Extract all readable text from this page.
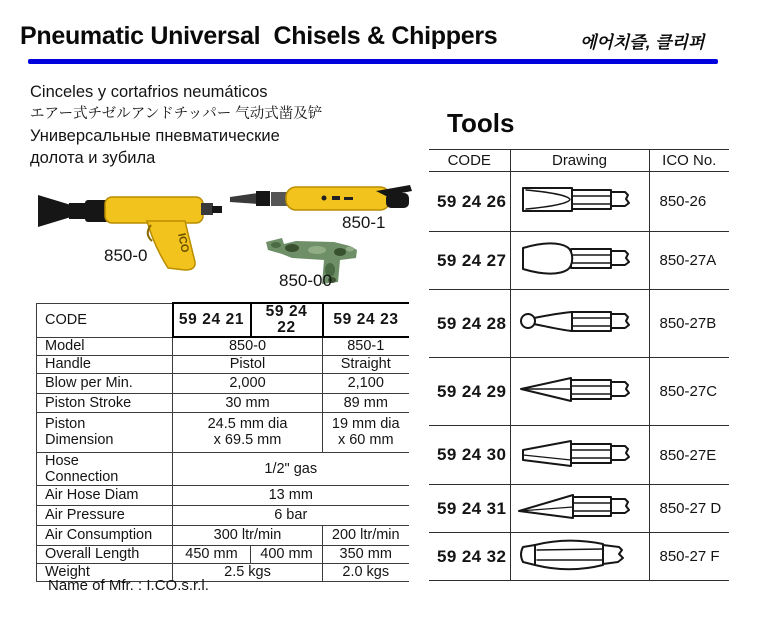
Pneumatic Universal  Chisels & Chippers	에어치즐, 클리퍼
Cinceles y cortafrios neumáticos
エアー式チゼルアンドチッパー 气动式凿及铲
Универсальные пневматические
долота и зубила
ICO
850-0
850-1
850-00
CODE	59 24 21	59 24 22	59 24 23
Model	850-0		850-1
Handle	Pistol		Straight
Blow per Min.	2,000		2,100
Piston Stroke	30 mm		89 mm
Piston
Dimension	24.5 mm dia
x 69.5 mm		19 mm dia
x 60 mm
Hose
Connection	1/2" gas		
Air Hose Diam	13 mm		
Air Pressure	6 bar		
Air Consumption	300 ltr/min		200 ltr/min
Overall Length	450 mm	400 mm	350 mm
Weight	2.5 kgs		2.0 kgs
Name of Mfr. : I.CO.s.r.l.
Tools
CODE	Drawing	ICO No.
59 24 26		850-26
59 24 27		850-27A
59 24 28		850-27B
59 24 29		850-27C
59 24 30		850-27E
59 24 31		850-27 D
59 24 32		850-27 F
